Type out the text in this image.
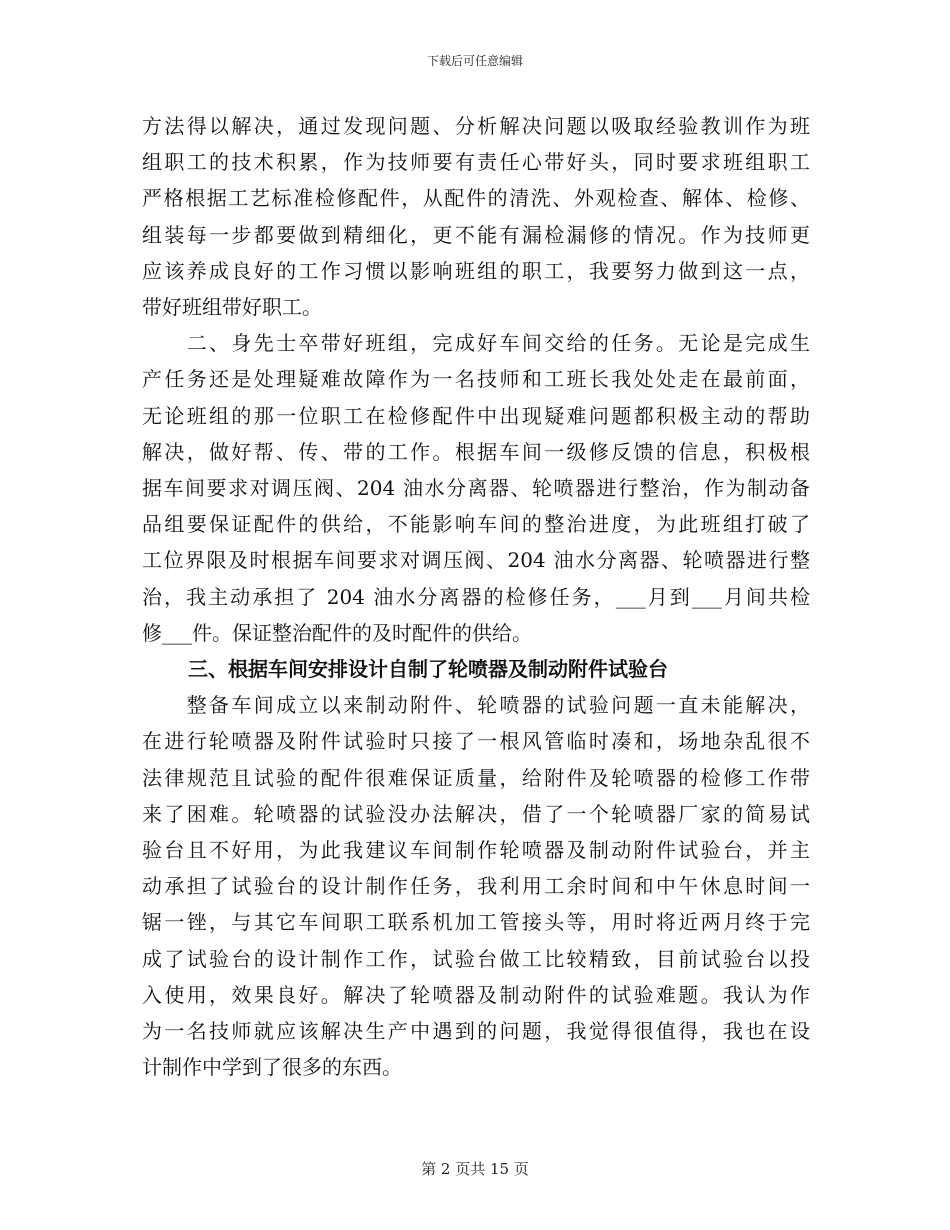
下载后可任意编辑
方法得以解决，通过发现问题、分析解决问题以吸取经验教训作为班
组职工的技术积累，作为技师要有责任心带好头，同时要求班组职工
严格根据工艺标准检修配件，从配件的清洗、外观检查、解体、检修、
组装每一步都要做到精细化，更不能有漏检漏修的情况。作为技师更
应该养成良好的工作习惯以影响班组的职工，我要努力做到这一点，
带好班组带好职工。
　　二、身先士卒带好班组，完成好车间交给的任务。无论是完成生
产任务还是处理疑难故障作为一名技师和工班长我处处走在最前面，
无论班组的那一位职工在检修配件中出现疑难问题都积极主动的帮助
解决，做好帮、传、带的工作。根据车间一级修反馈的信息，积极根
据车间要求对调压阀、204 油水分离器、轮喷器进行整治，作为制动备
品组要保证配件的供给，不能影响车间的整治进度，为此班组打破了
工位界限及时根据车间要求对调压阀、204 油水分离器、轮喷器进行整
治，我主动承担了 204 油水分离器的检修任务，___月到___月间共检
修___件。保证整治配件的及时配件的供给。
三、根据车间安排设计自制了轮喷器及制动附件试验台
　　整备车间成立以来制动附件、轮喷器的试验问题一直未能解决，
在进行轮喷器及附件试验时只接了一根风管临时凑和，场地杂乱很不
法律规范且试验的配件很难保证质量，给附件及轮喷器的检修工作带
来了困难。轮喷器的试验没办法解决，借了一个轮喷器厂家的简易试
验台且不好用，为此我建议车间制作轮喷器及制动附件试验台，并主
动承担了试验台的设计制作任务，我利用工余时间和中午休息时间一
锯一锉，与其它车间职工联系机加工管接头等，用时将近两月终于完
成了试验台的设计制作工作，试验台做工比较精致，目前试验台以投
入使用，效果良好。解决了轮喷器及制动附件的试验难题。我认为作
为一名技师就应该解决生产中遇到的问题，我觉得很值得，我也在设
计制作中学到了很多的东西。
第 2 页共 15 页
